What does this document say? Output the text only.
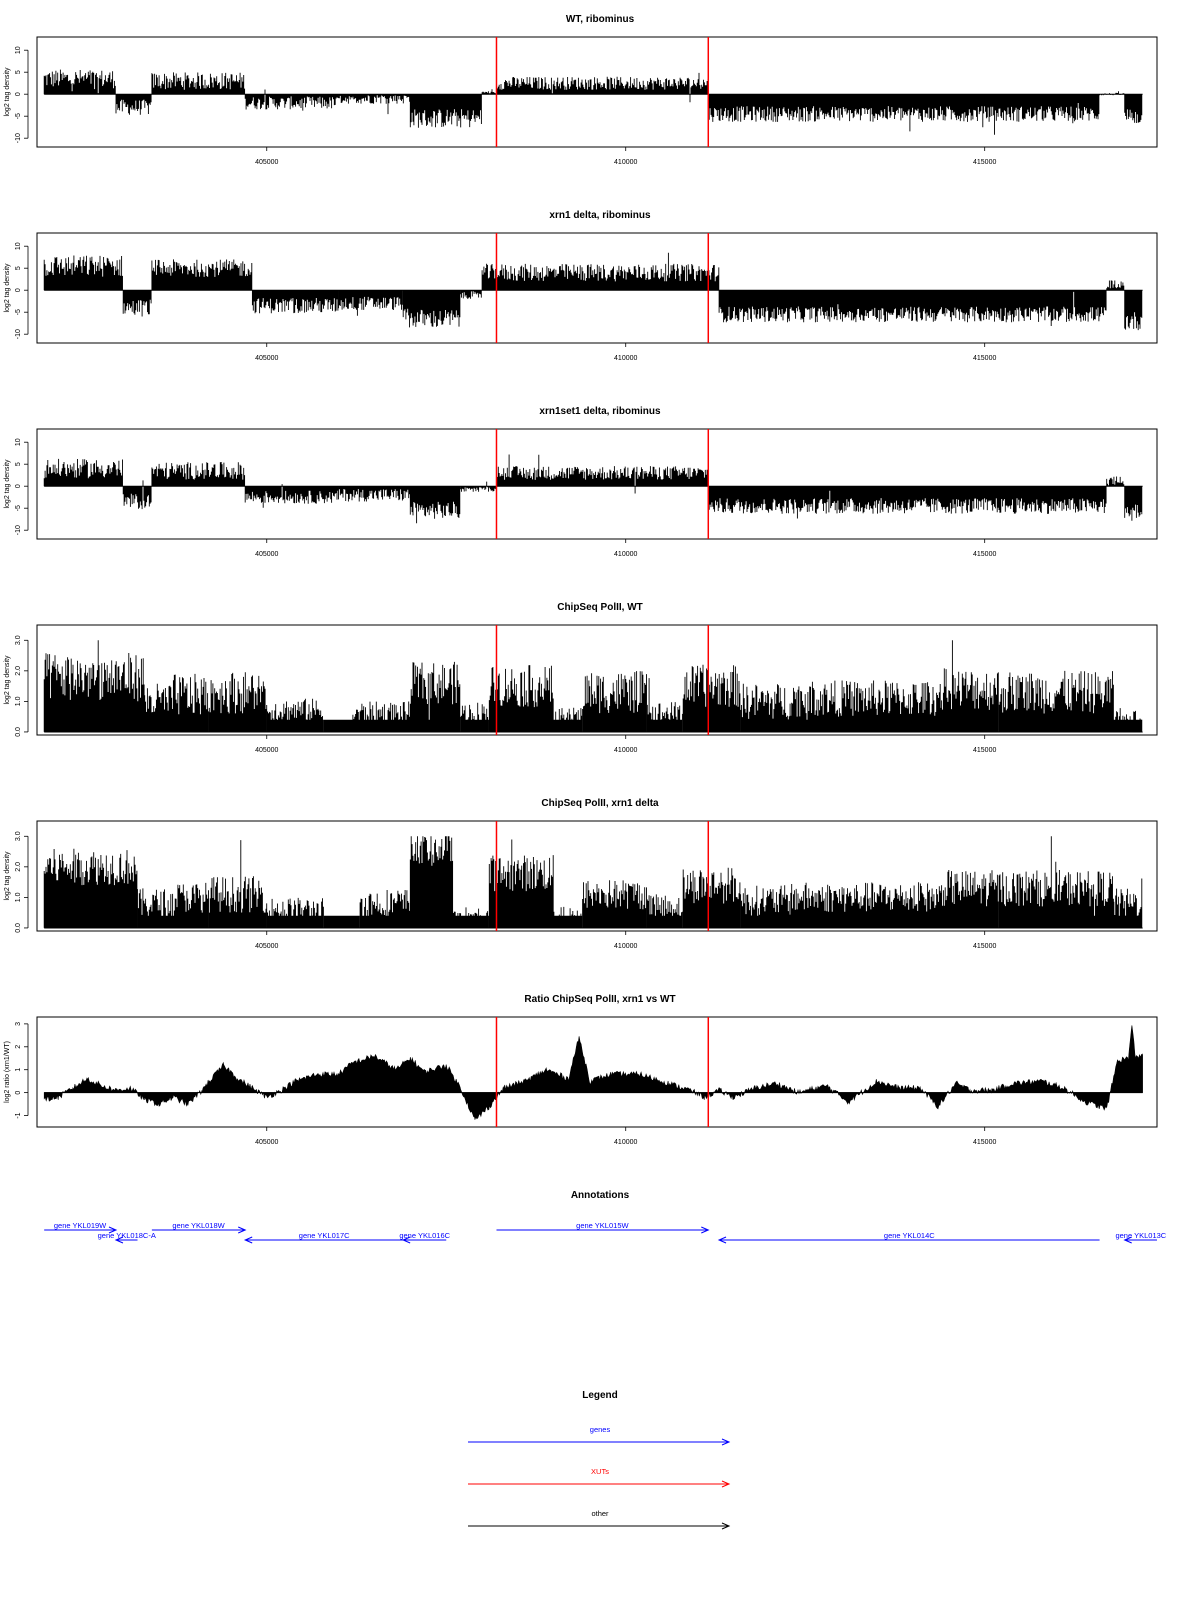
WT, ribominus
-10
-5
0
5
10
log2 tag density
405000	410000	415000
xrn1 delta, ribominus
-10
-5
0
5
10
log2 tag density
405000	410000	415000
xrn1set1 delta, ribominus
-10
-5
0
5
10
log2 tag density
405000	410000	415000
ChipSeq PolII, WT
0.0
1.0
2.0
3.0
log2 tag density
405000	410000	415000
ChipSeq PolII, xrn1 delta
0.0
1.0
2.0
3.0
log2 tag density
405000	410000	415000
Ratio ChipSeq PolII, xrn1 vs WT
-1
0
1
2
3
log2 ratio (xrn1/WT)
405000	410000	415000
Annotations
gene YKL019W
gene YKL018C-A
gene YKL018W
gene YKL017C	gene YKL016C
gene YKL015W
gene YKL014C	gene YKL013C
Legend
genes
XUTs
other
